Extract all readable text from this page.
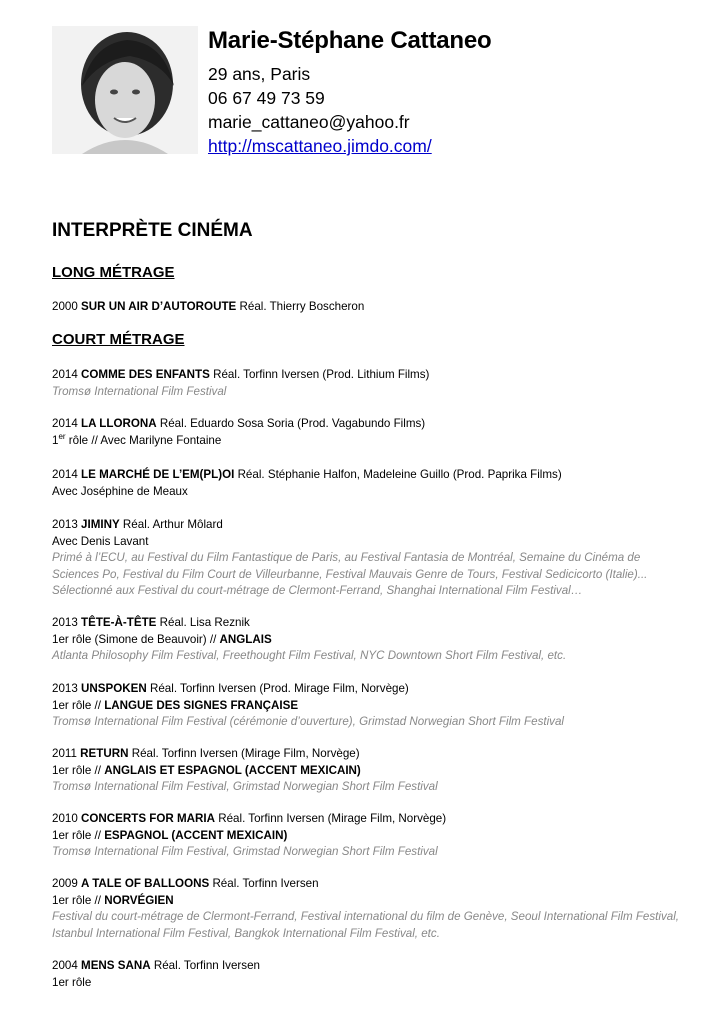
Marie-Stéphane Cattaneo

29 ans, Paris

06 67 49 73 59

marie_cattaneo@yahoo.fr

http://mscattaneo.jimdo.com/

INTERPRÈTE CINÉMA
LONG MÉTRAGE

2000 SUR UN AIR D’AUTOROUTE Réal. Thierry Boscheron

COURT MÉTRAGE

2014 COMME DES ENFANTS Réal. Torfinn Iversen (Prod. Lithium Films)

Tromsø International Film Festival

2014 LA LLORONA Réal. Eduardo Sosa Soria (Prod. Vagabundo Films)

1er rôle // Avec Marilyne Fontaine

2014 LE MARCHÉ DE L’EM(PL)OI Réal. Stéphanie Halfon, Madeleine Guillo (Prod. Paprika Films)

Avec Joséphine de Meaux

2013 JIMINY Réal. Arthur Môlard

Avec Denis Lavant

Primé à l’ECU, au Festival du Film Fantastique de Paris, au Festival Fantasia de Montréal, Semaine du Cinéma de Sciences Po, Festival du Film Court de Villeurbanne, Festival Mauvais Genre de Tours, Festival Sedicicorto (Italie)... Sélectionné aux Festival du court-métrage de Clermont-Ferrand, Shanghai International Film Festival…

2013 TÊTE-À-TÊTE Réal. Lisa Reznik

1er rôle (Simone de Beauvoir) // ANGLAIS

Atlanta Philosophy Film Festival, Freethought Film Festival, NYC Downtown Short Film Festival, etc.

2013 UNSPOKEN Réal. Torfinn Iversen (Prod. Mirage Film, Norvège)

1er rôle // LANGUE DES SIGNES FRANÇAISE

Tromsø International Film Festival (cérémonie d’ouverture), Grimstad Norwegian Short Film Festival

2011 RETURN Réal. Torfinn Iversen (Mirage Film, Norvège)

1er rôle // ANGLAIS ET ESPAGNOL (ACCENT MEXICAIN)

Tromsø International Film Festival, Grimstad Norwegian Short Film Festival

2010 CONCERTS FOR MARIA Réal. Torfinn Iversen (Mirage Film, Norvège)

1er rôle // ESPAGNOL (ACCENT MEXICAIN)

Tromsø International Film Festival, Grimstad Norwegian Short Film Festival

2009 A TALE OF BALLOONS Réal. Torfinn Iversen

1er rôle // NORVÉGIEN

Festival du court-métrage de Clermont-Ferrand, Festival international du film de Genève, Seoul International Film Festival, Istanbul International Film Festival, Bangkok International Film Festival, etc.

2004 MENS SANA Réal. Torfinn Iversen

1er rôle
